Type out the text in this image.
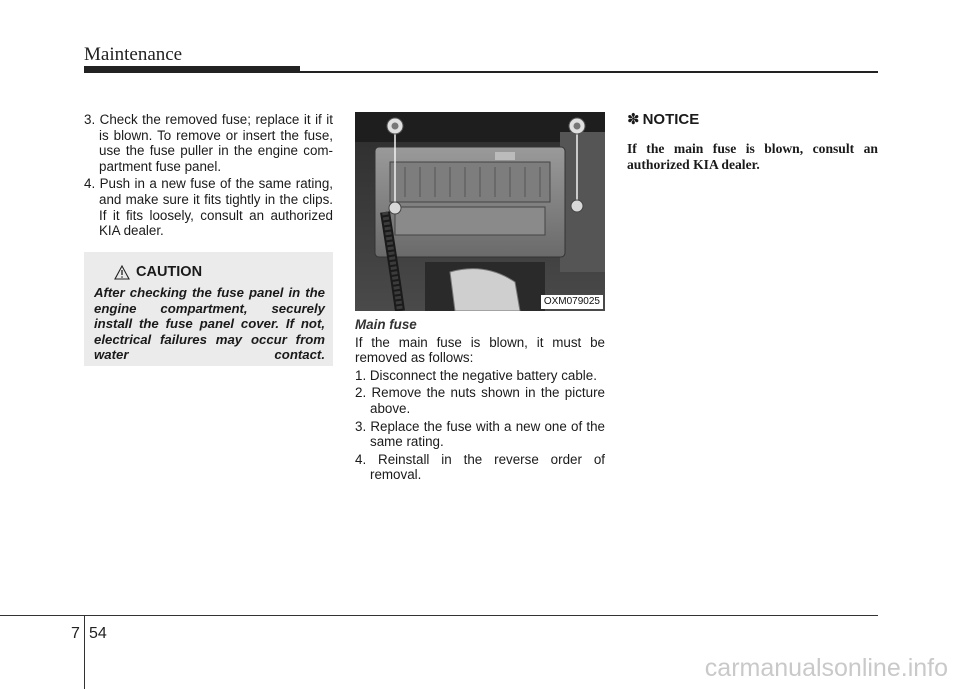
Maintenance

3. Check the removed fuse; replace it if it is blown. To remove or insert the fuse, use the fuse puller in the engine com-partment fuse panel.

4. Push in a new fuse of the same rating, and make sure it fits tightly in the clips. If it fits loosely, consult an authorized KIA dealer.

CAUTION
After checking the fuse panel in the engine compartment, securely install the fuse panel cover. If not, electrical failures may occur from water contact.
OXM079025

Main fuse

If the main fuse is blown, it must be removed as follows:

1. Disconnect the negative battery cable.

2. Remove the nuts shown in the picture above.

3. Replace the fuse with a new one of the same rating.

4. Reinstall in the reverse order of removal.

✽ NOTICE

If the main fuse is blown, consult an authorized KIA dealer.

7 54
carmanualsonline.info
